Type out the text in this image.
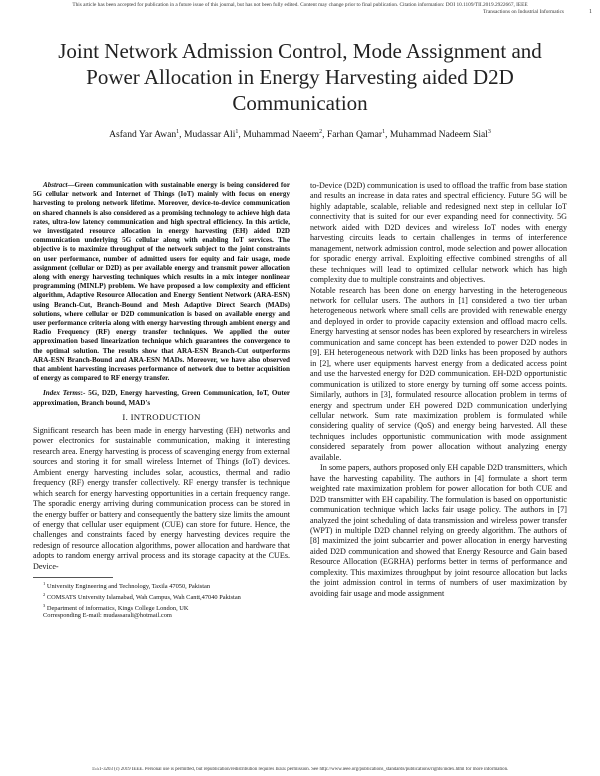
This article has been accepted for publication in a future issue of this journal, but has not been fully edited. Content may change prior to final publication. Citation information: DOI 10.1109/TII.2019.2922667, IEEE
Transactions on Industrial Informatics	1
Joint Network Admission Control, Mode Assignment and Power Allocation in Energy Harvesting aided D2D Communication
Asfand Yar Awan$^1$, Mudassar Ali$^1$, Muhammad Naeem$^2$, Farhan Qamar$^1$, Muhammad Nadeem Sial$^3$

Abstract—Green communication with sustainable energy is being considered for 5G cellular network and Internet of Things (IoT) mainly with focus on energy harvesting to prolong network lifetime. Moreover, device-to-device communication on shared channels is also considered as a promising technology to achieve high data rates, ultra-low latency communication and high spectral efficiency. In this article, we investigated resource allocation in energy harvesting (EH) aided D2D communication underlying 5G cellular along with enabling IoT services. The objective is to maximize throughput of the network subject to the joint constraints on user performance, number of admitted users for equity and fair usage, mode assignment (cellular or D2D) as per available energy and transmit power allocation along with energy harvesting techniques which results in a mix integer nonlinear programming (MINLP) problem. We have proposed a low complexity and efficient algorithm, Adaptive Resource Allocation and Energy Sentient Network (ARA-ESN) using Branch-Cut, Branch-Bound and Mesh Adaptive Direct Search (MADs) solutions, where cellular or D2D communication is based on available energy and user performance criteria along with energy harvesting through ambient energy and Radio Frequency (RF) energy transfer techniques. We applied the outer approximation based linearization technique which guarantees the convergence to the optimal solution. The results show that ARA-ESN Branch-Cut outperforms ARA-ESN Branch-Bound and ARA-ESN MADs. Moreover, we have also observed that ambient harvesting increases performance of network due to better acquisition of energy as compared to RF energy transfer.

Index Terms:- 5G, D2D, Energy harvesting, Green Communication, IoT, Outer approximation, Branch bound, MAD's

I. INTRODUCTION

Significant research has been made in energy harvesting (EH) networks and power electronics for sustainable communication, making it interesting research area. Energy harvesting is process of scavenging energy from external sources and storing it for small wireless Internet of Things (IoT) devices. Ambient energy harvesting includes solar, acoustics, thermal and radio frequency (RF) energy transfer collectively. RF energy transfer is technique which search for energy harvesting opportunities in a certain frequency range. The sporadic energy arriving during communication process can be stored in the energy buffer or battery and consequently the battery size limits the amount of energy that cellular user equipment (CUE) can store for future. Hence, the challenges and constraints faced by energy harvesting devices require the redesign of resource allocation algorithms, power allocation and hardware that adopts to random energy arrival process and its storage capacity at the CUEs. Device-

$^1$ University Engineering and Technology, Taxila 47050, Pakistan
$^2$ COMSATS University Islamabad, Wah Campus, Wah Cantt,47040 Pakistan
$^3$ Department of informatics, Kings College London, UK
Corresponding E-mail: mudassarali@hotmail.com

to-Device (D2D) communication is used to offload the traffic from base station and results an increase in data rates and spectral efficiency. Future 5G will be highly adaptable, scalable, reliable and redesigned next step in cellular IoT connectivity that is suited for our ever expanding need for connectivity. 5G network aided with D2D devices and wireless IoT nodes with energy harvesting circuits leads to certain challenges in terms of interference management, network admission control, mode selection and power allocation for sporadic energy arrival. Exploiting effective combined strengths of all these techniques will lead to optimized cellular network which has high complexity due to multiple constraints and objectives.

Notable research has been done on energy harvesting in the heterogeneous network for cellular users. The authors in [1] considered a two tier urban heterogeneous network where small cells are provided with renewable energy and deployed in order to provide capacity extension and offload macro cells. Energy harvesting at sensor nodes has been explored by researchers in wireless communication and same concept has been extended to power D2D nodes in [9]. EH heterogeneous network with D2D links has been proposed by authors in [2], where user equipments harvest energy from a dedicated access point and use the harvested energy for D2D communication. EH-D2D opportunistic communication is utilized to store energy by turning off some access points. Similarly, authors in [3], formulated resource allocation problem in terms of energy and spectrum under EH powered D2D communication underlying cellular network. Sum rate maximization problem is formulated while considering quality of service (QoS) and energy being harvested. All these techniques includes opportunistic communication with mode assignment considered separately from power allocation without analyzing energy available.

In some papers, authors proposed only EH capable D2D transmitters, which have the harvesting capability. The authors in [4] formulate a short term weighted rate maximization problem for power allocation for both CUE and D2D transmitter with EH capability. The formulation is based on opportunistic communication technique which lacks fair usage policy. The authors in [7] analyzed the joint scheduling of data transmission and wireless power transfer (WPT) in multiple D2D channel relying on greedy algorithm. The authors of [8] maximized the joint subcarrier and power allocation in energy harvesting aided D2D communication and showed that Energy Resource and Gain based Resource Allocation (EGRHA) performs better in terms of performance and complexity. This maximizes throughput by joint resource allocation but lacks the joint admission control in terms of numbers of user maximization by avoiding fair usage and mode assignment

1551-3203 (c) 2019 IEEE. Personal use is permitted, but republication/redistribution requires IEEE permission. See http://www.ieee.org/publications_standards/publications/rights/index.html for more information.
